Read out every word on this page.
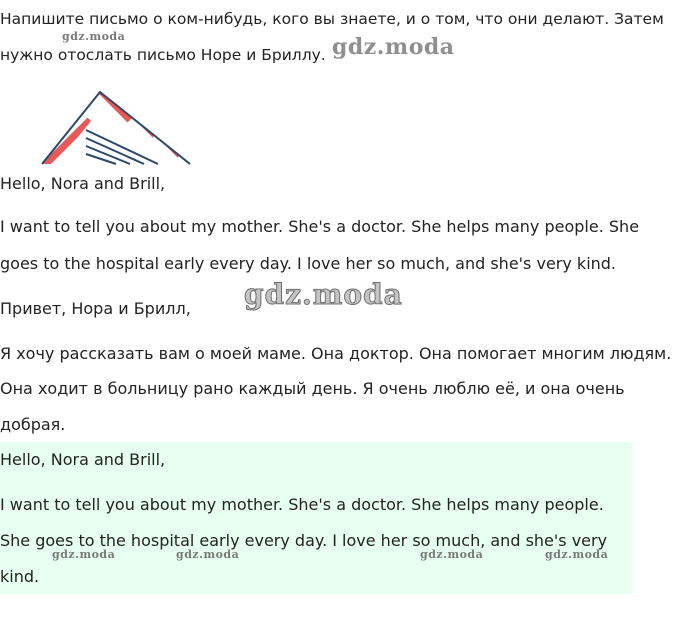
Напишите письмо о ком-нибудь, кого вы знаете, и о том, что они делают. Затем

нужно отослать письмо Норе и Бриллу.

gdz.moda	gdz.moda

Hello, Nora and Brill,

I want to tell you about my mother. She's a doctor. She helps many people. She

goes to the hospital early every day. I love her so much, and she's very kind.

Привет, Нора и Брилл, gdz.moda

Я хочу рассказать вам о моей маме. Она доктор. Она помогает многим людям.

Она ходит в больницу рано каждый день. Я очень люблю её, и она очень

добрая.

Hello, Nora and Brill,

I want to tell you about my mother. She's a doctor. She helps many people.

She goes to the hospital early every day. I love her so much, and she's very

kind.

gdz.moda	gdz.moda	gdz.moda	gdz.moda
